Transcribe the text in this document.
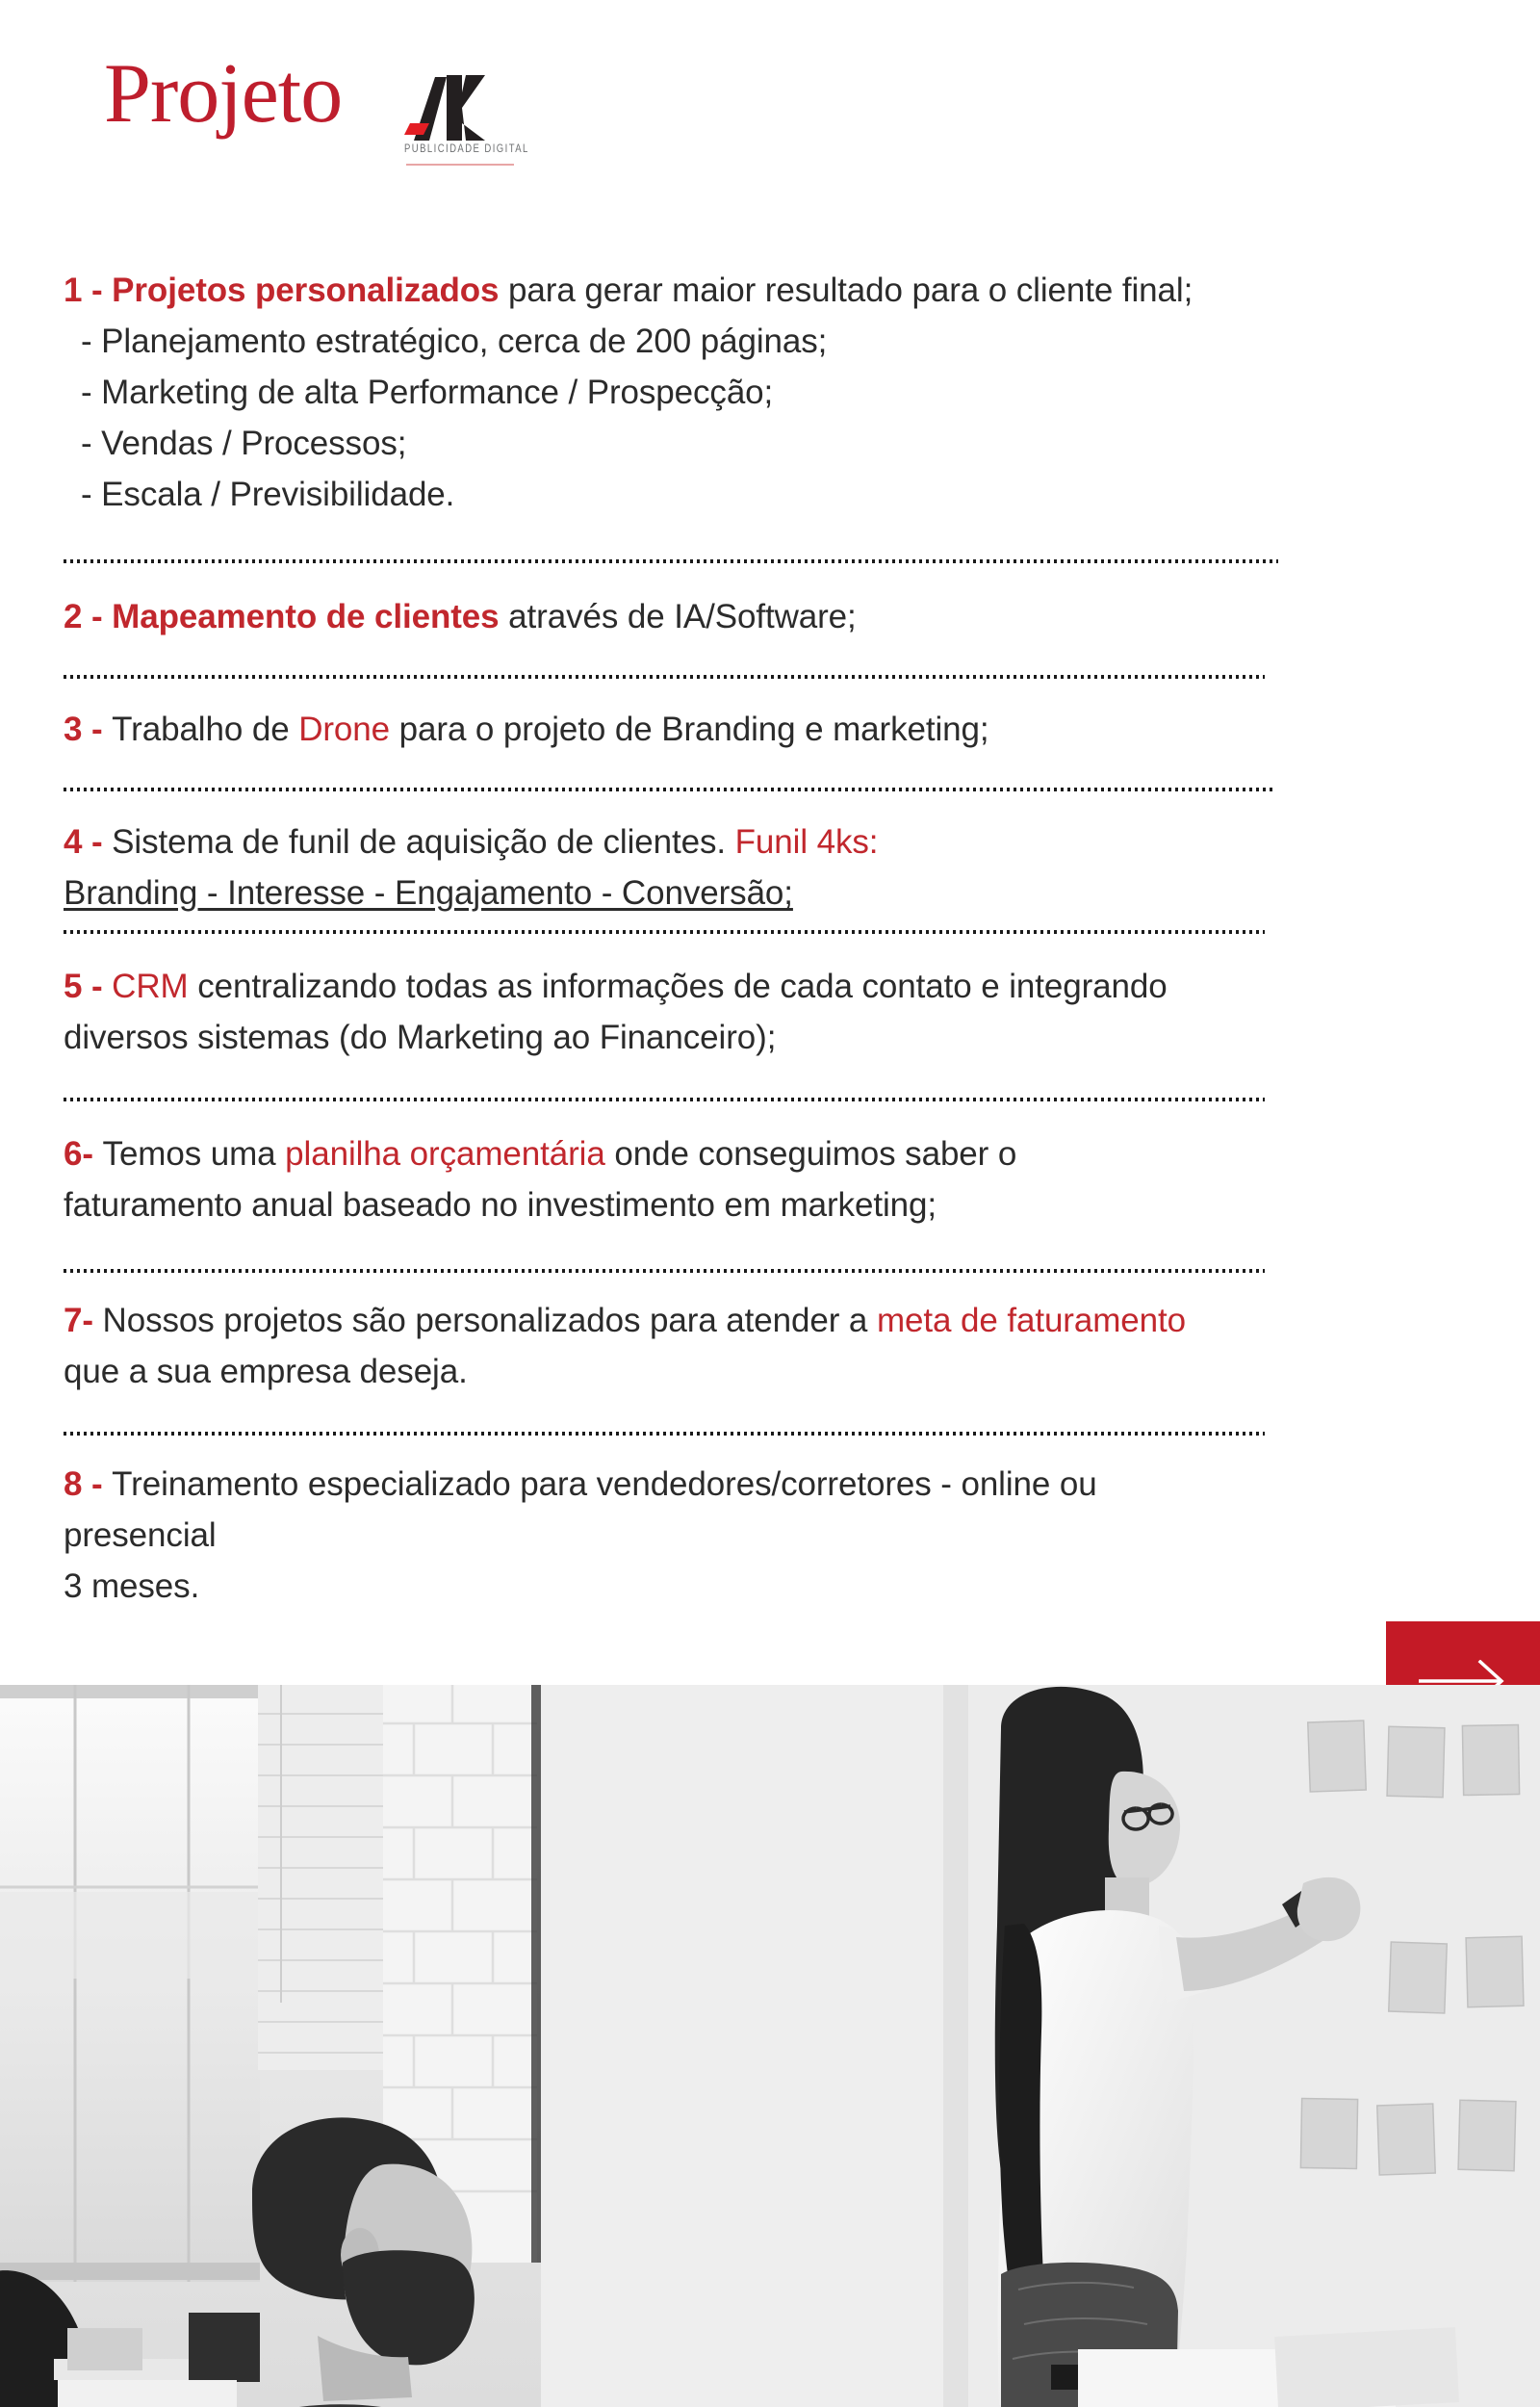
Projeto
PUBLICIDADE DIGITAL
1 - Projetos personalizados para gerar maior resultado para o cliente final;
- Planejamento estratégico, cerca de 200 páginas;
- Marketing de alta Performance / Prospecção;
- Vendas / Processos;
- Escala / Previsibilidade.
2 - Mapeamento de clientes através de IA/Software;
3 - Trabalho de Drone para o projeto de Branding e marketing;
4 - Sistema de funil de aquisição de clientes. Funil 4ks:
Branding - Interesse - Engajamento - Conversão;
5 - CRM centralizando todas as informações de cada contato e integrando
diversos sistemas (do Marketing ao Financeiro);
6- Temos uma planilha orçamentária onde conseguimos saber o
faturamento anual baseado no investimento em marketing;
7- Nossos projetos são personalizados para atender a meta de faturamento
que a sua empresa deseja.
8 - Treinamento especializado para vendedores/corretores - online ou
presencial
3 meses.
